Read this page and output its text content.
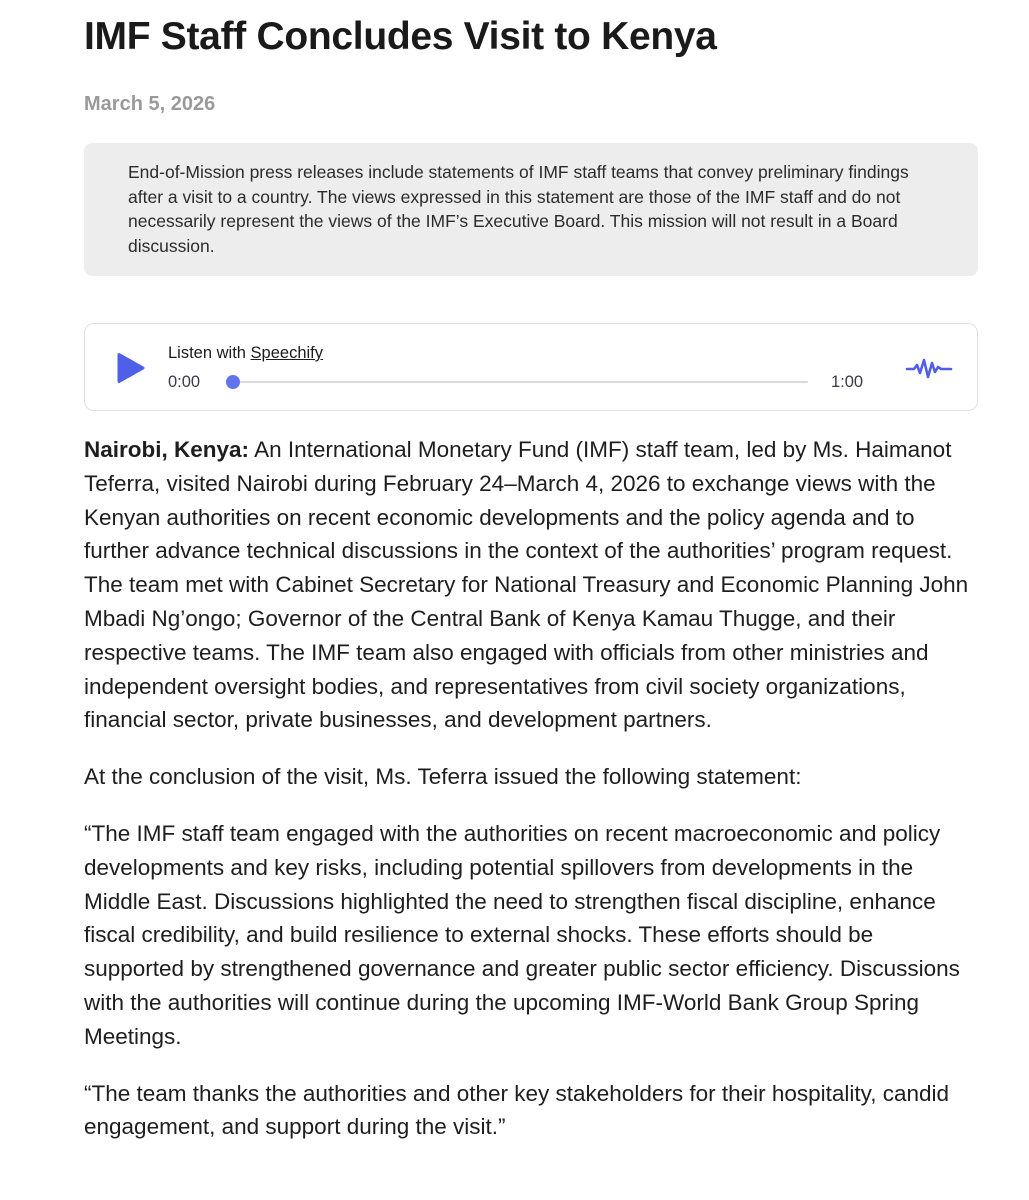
IMF Staff Concludes Visit to Kenya
March 5, 2026
End-of-Mission press releases include statements of IMF staff teams that convey preliminary findings after a visit to a country. The views expressed in this statement are those of the IMF staff and do not necessarily represent the views of the IMF’s Executive Board. This mission will not result in a Board discussion.
Listen with Speechify
0:00	1:00

Nairobi, Kenya: An International Monetary Fund (IMF) staff team, led by Ms. Haimanot Teferra, visited Nairobi during February 24–March 4, 2026 to exchange views with the Kenyan authorities on recent economic developments and the policy agenda and to further advance technical discussions in the context of the authorities’ program request. The team met with Cabinet Secretary for National Treasury and Economic Planning John Mbadi Ng’ongo; Governor of the Central Bank of Kenya Kamau Thugge, and their respective teams. The IMF team also engaged with officials from other ministries and independent oversight bodies, and representatives from civil society organizations, financial sector, private businesses, and development partners.

At the conclusion of the visit, Ms. Teferra issued the following statement:

“The IMF staff team engaged with the authorities on recent macroeconomic and policy developments and key risks, including potential spillovers from developments in the Middle East. Discussions highlighted the need to strengthen fiscal discipline, enhance fiscal credibility, and build resilience to external shocks. These efforts should be supported by strengthened governance and greater public sector efficiency. Discussions with the authorities will continue during the upcoming IMF-World Bank Group Spring Meetings.

“The team thanks the authorities and other key stakeholders for their hospitality, candid engagement, and support during the visit.”
